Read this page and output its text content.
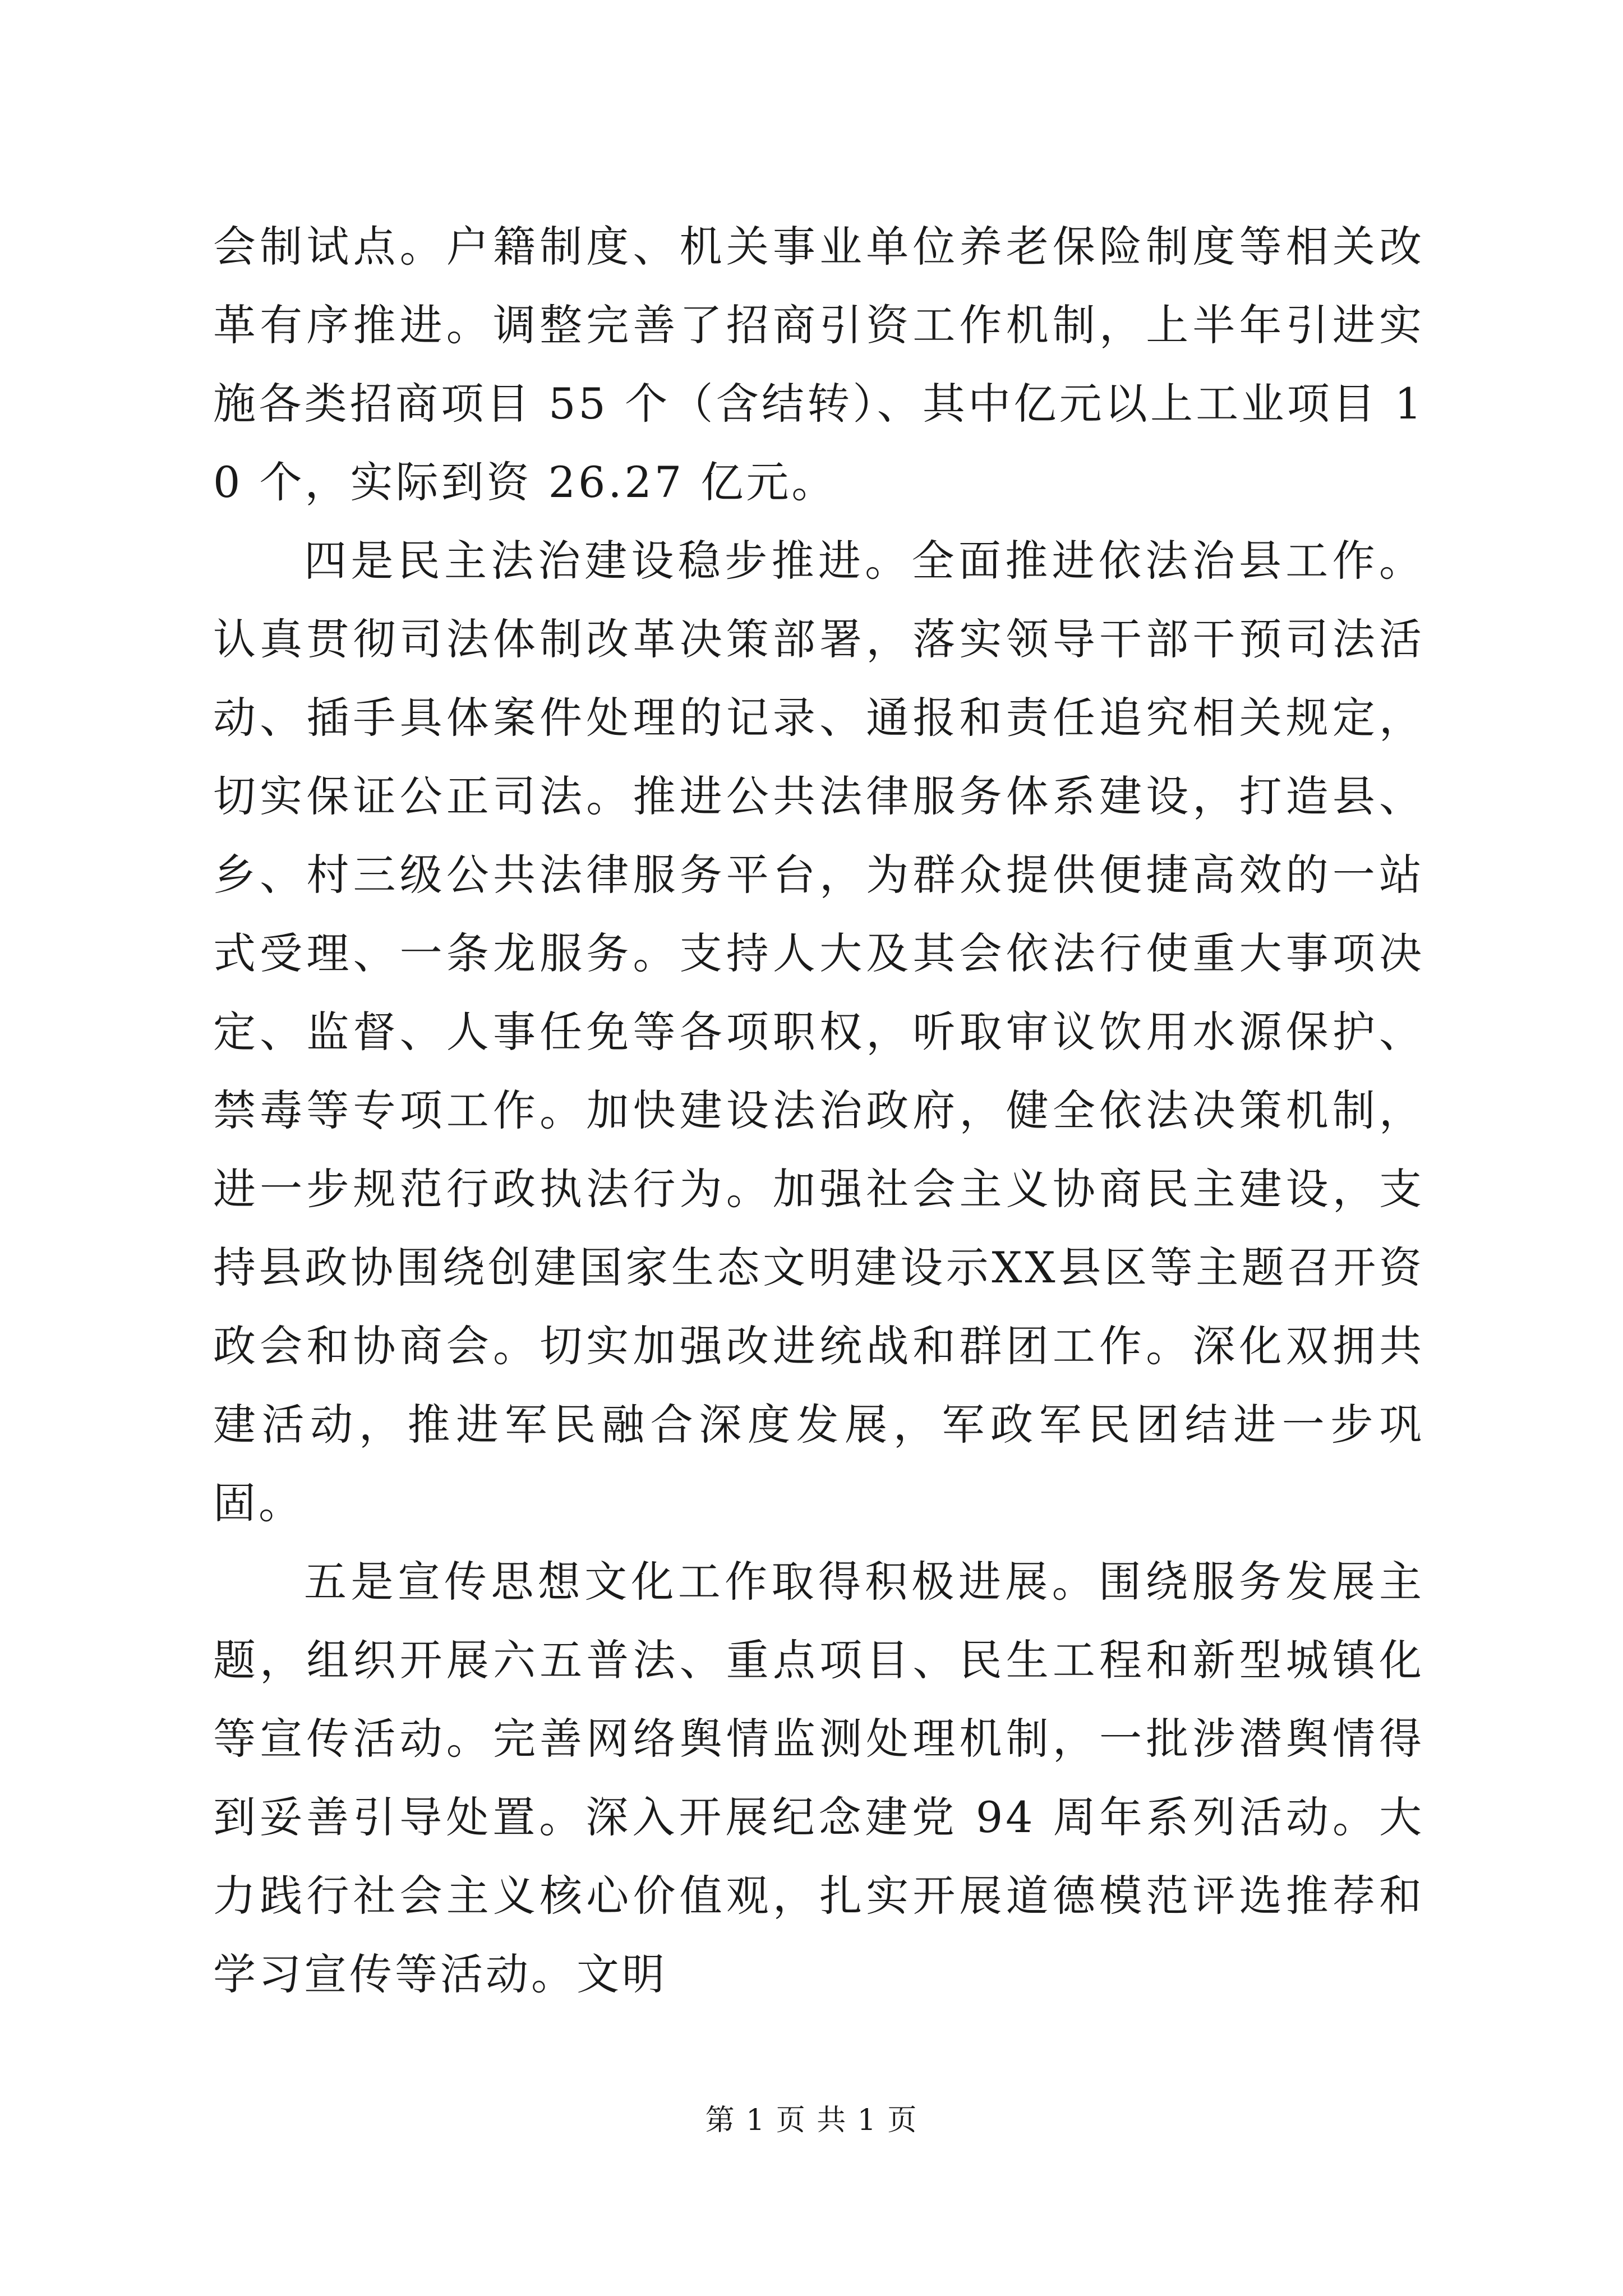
会制试点。户籍制度、机关事业单位养老保险制度等相关改革有序推进。调整完善了招商引资工作机制，上半年引进实施各类招商项目 55 个（含结转）、其中亿元以上工业项目 10 个，实际到资 26.27 亿元。

四是民主法治建设稳步推进。全面推进依法治县工作。认真贯彻司法体制改革决策部署，落实领导干部干预司法活动、插手具体案件处理的记录、通报和责任追究相关规定，切实保证公正司法。推进公共法律服务体系建设，打造县、乡、村三级公共法律服务平台，为群众提供便捷高效的一站式受理、一条龙服务。支持人大及其会依法行使重大事项决定、监督、人事任免等各项职权，听取审议饮用水源保护、禁毒等专项工作。加快建设法治政府，健全依法决策机制，进一步规范行政执法行为。加强社会主义协商民主建设，支持县政协围绕创建国家生态文明建设示XX县区等主题召开资政会和协商会。切实加强改进统战和群团工作。深化双拥共建活动，推进军民融合深度发展，军政军民团结进一步巩固。

五是宣传思想文化工作取得积极进展。围绕服务发展主题，组织开展六五普法、重点项目、民生工程和新型城镇化等宣传活动。完善网络舆情监测处理机制，一批涉潜舆情得到妥善引导处置。深入开展纪念建党 94 周年系列活动。大力践行社会主义核心价值观，扎实开展道德模范评选推荐和学习宣传等活动。文明

第 1 页 共 1 页
